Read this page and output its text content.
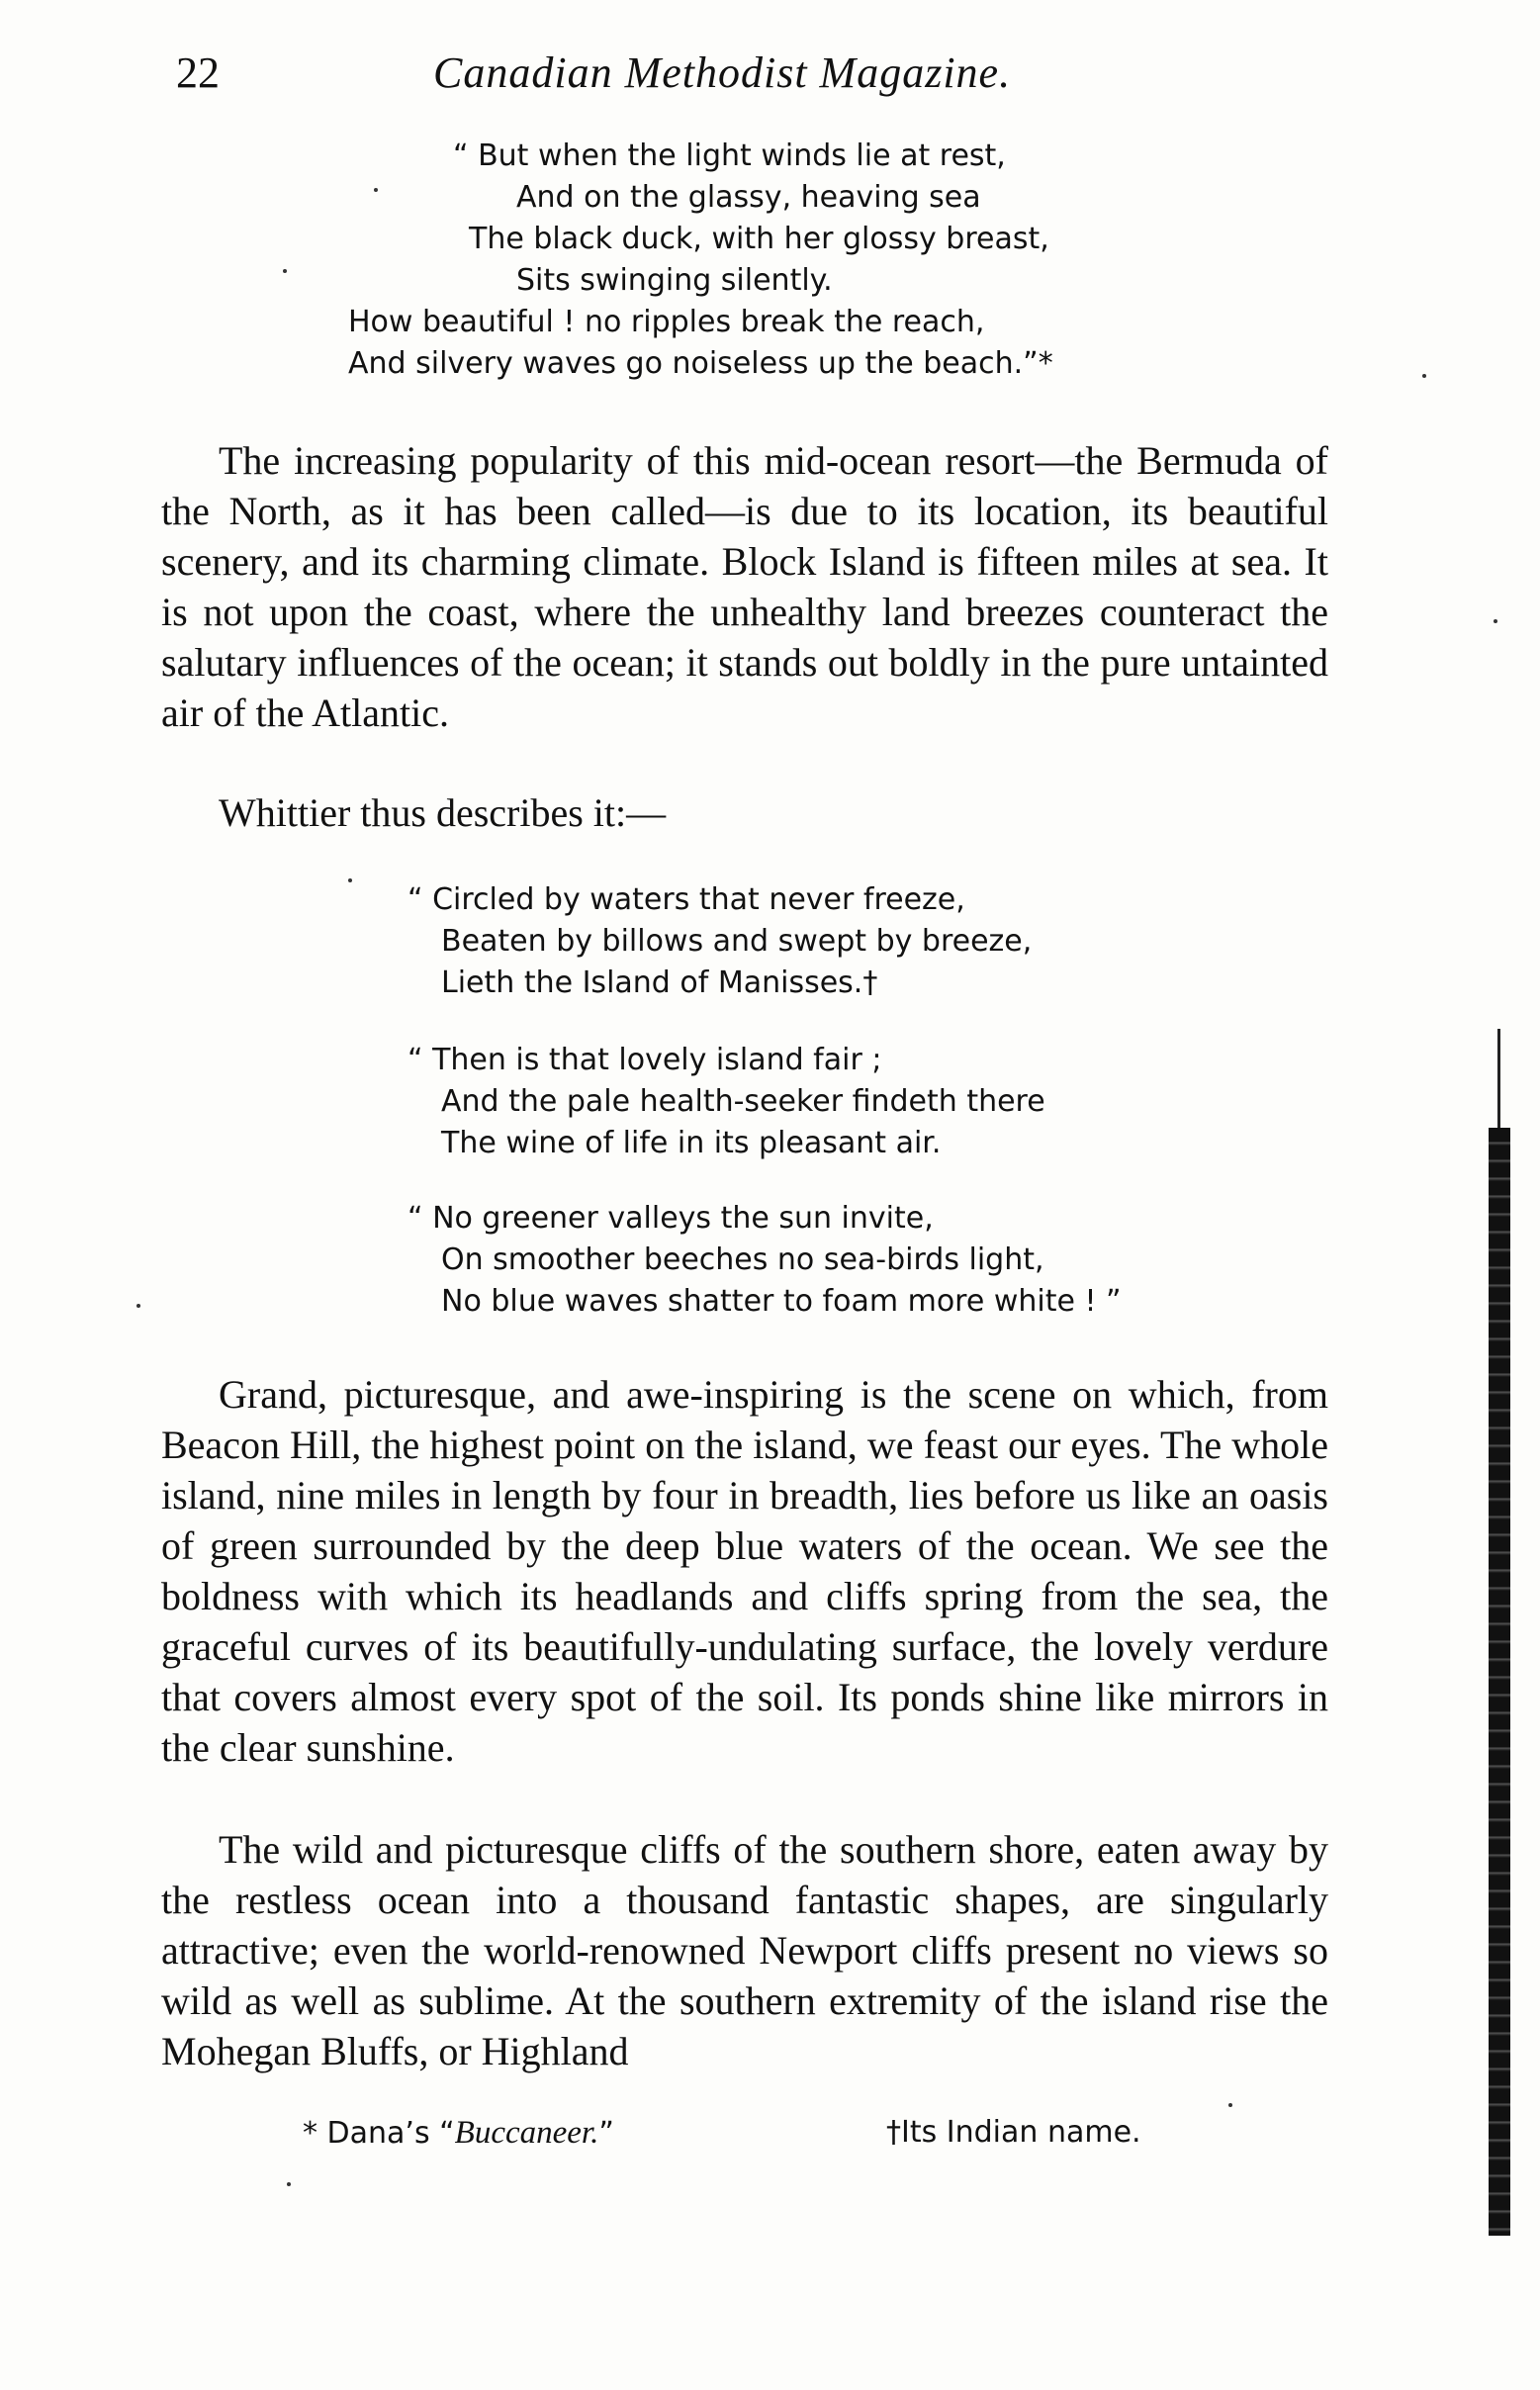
22	Canadian Methodist Magazine.
“ But when the light winds lie at rest,
And on the glassy, heaving sea
The black duck, with her glossy breast,
Sits swinging silently.
How beautiful ! no ripples break the reach,
And silvery waves go noiseless up the beach.”*

The increasing popularity of this mid-ocean resort—the Bermuda of the North, as it has been called—is due to its location, its beautiful scenery, and its charming climate. Block Island is fifteen miles at sea. It is not upon the coast, where the unhealthy land breezes counteract the salutary influences of the ocean; it stands out boldly in the pure untainted air of the Atlantic.

Whittier thus describes it:—

“ Circled by waters that never freeze,
Beaten by billows and swept by breeze,
Lieth the Island of Manisses.†
“ Then is that lovely island fair ;
And the pale health-seeker findeth there
The wine of life in its pleasant air.
“ No greener valleys the sun invite,
On smoother beeches no sea-birds light,
No blue waves shatter to foam more white ! ”

Grand, picturesque, and awe-inspiring is the scene on which, from Beacon Hill, the highest point on the island, we feast our eyes. The whole island, nine miles in length by four in breadth, lies before us like an oasis of green surrounded by the deep blue waters of the ocean. We see the boldness with which its headlands and cliffs spring from the sea, the graceful curves of its beautifully-undulating surface, the lovely verdure that covers almost every spot of the soil. Its ponds shine like mirrors in the clear sunshine.

The wild and picturesque cliffs of the southern shore, eaten away by the restless ocean into a thousand fantastic shapes, are singularly attractive; even the world-renowned Newport cliffs present no views so wild as well as sublime. At the southern extremity of the island rise the Mohegan Bluffs, or Highland

* Dana’s “Buccaneer.”	†Its Indian name.
